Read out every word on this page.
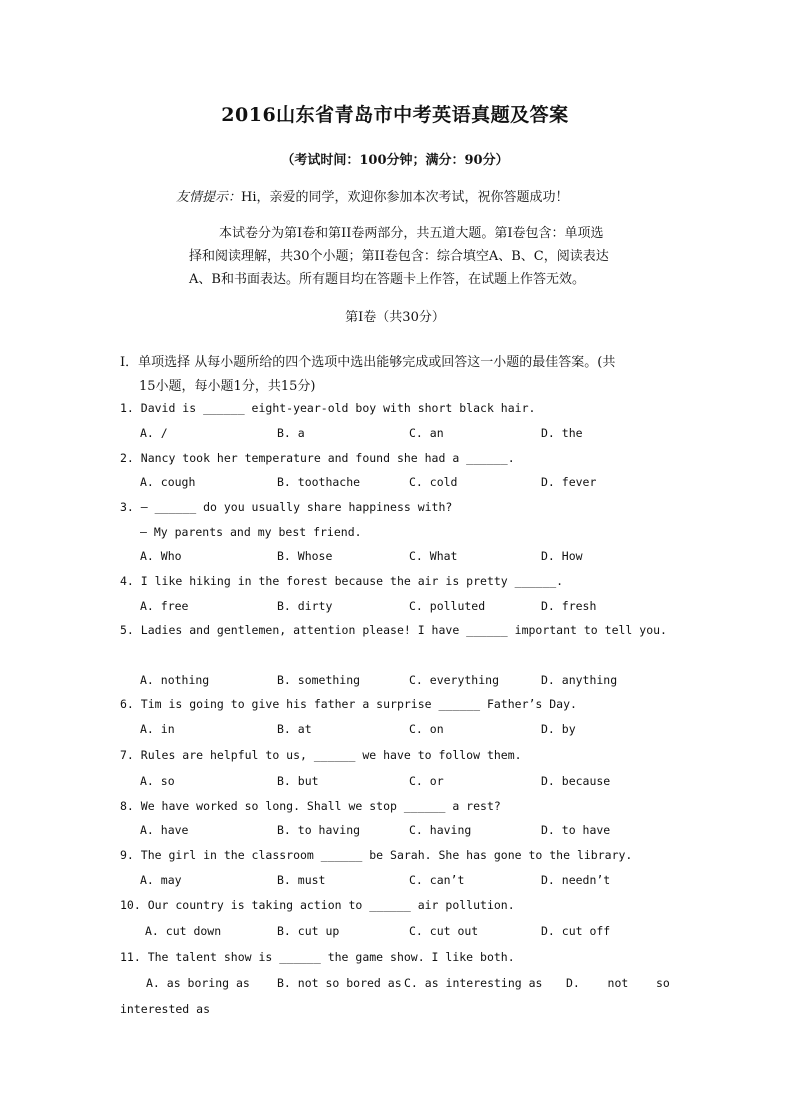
2016山东省青岛市中考英语真题及答案
（考试时间：100分钟；满分：90分）
友情提示：Hi，亲爱的同学，欢迎你参加本次考试，祝你答题成功！
本试卷分为第I卷和第II卷两部分，共五道大题。第I卷包含：单项选
择和阅读理解，共30个小题；第II卷包含：综合填空A、B、C，阅读表达
A、B和书面表达。所有题目均在答题卡上作答，在试题上作答无效。
第I卷（共30分）
I．单项选择 从每小题所给的四个选项中选出能够完成或回答这一小题的最佳答案。(共
15小题，每小题1分，共15分)
1. David is ______ eight-year-old boy with short black hair.
A. /	B. a	C. an	D. the
2. Nancy took her temperature and found she had a ______.
A. cough	B. toothache	C. cold	D. fever
3. — ______ do you usually share happiness with?
— My parents and my best friend.
A. Who	B. Whose	C. What	D. How
4. I like hiking in the forest because the air is pretty ______.
A. free	B. dirty	C. polluted	D. fresh
5. Ladies and gentlemen, attention please! I have ______ important to tell you.
A. nothing	B. something	C. everything	D. anything
6. Tim is going to give his father a surprise ______ Father’s Day.
A. in	B. at	C. on	D. by
7. Rules are helpful to us, ______ we have to follow them.
A. so	B. but	C. or	D. because
8. We have worked so long. Shall we stop ______ a rest?
A. have	B. to having	C. having	D. to have
9. The girl in the classroom ______ be Sarah. She has gone to the library.
A. may	B. must	C. can’t	D. needn’t
10. Our country is taking action to ______ air pollution.
A. cut down	B. cut up	C. cut out	D. cut off
11. The talent show is ______ the game show. I like both.
A. as boring as B. not so bored as C. as interesting as D.    not    so
interested as
